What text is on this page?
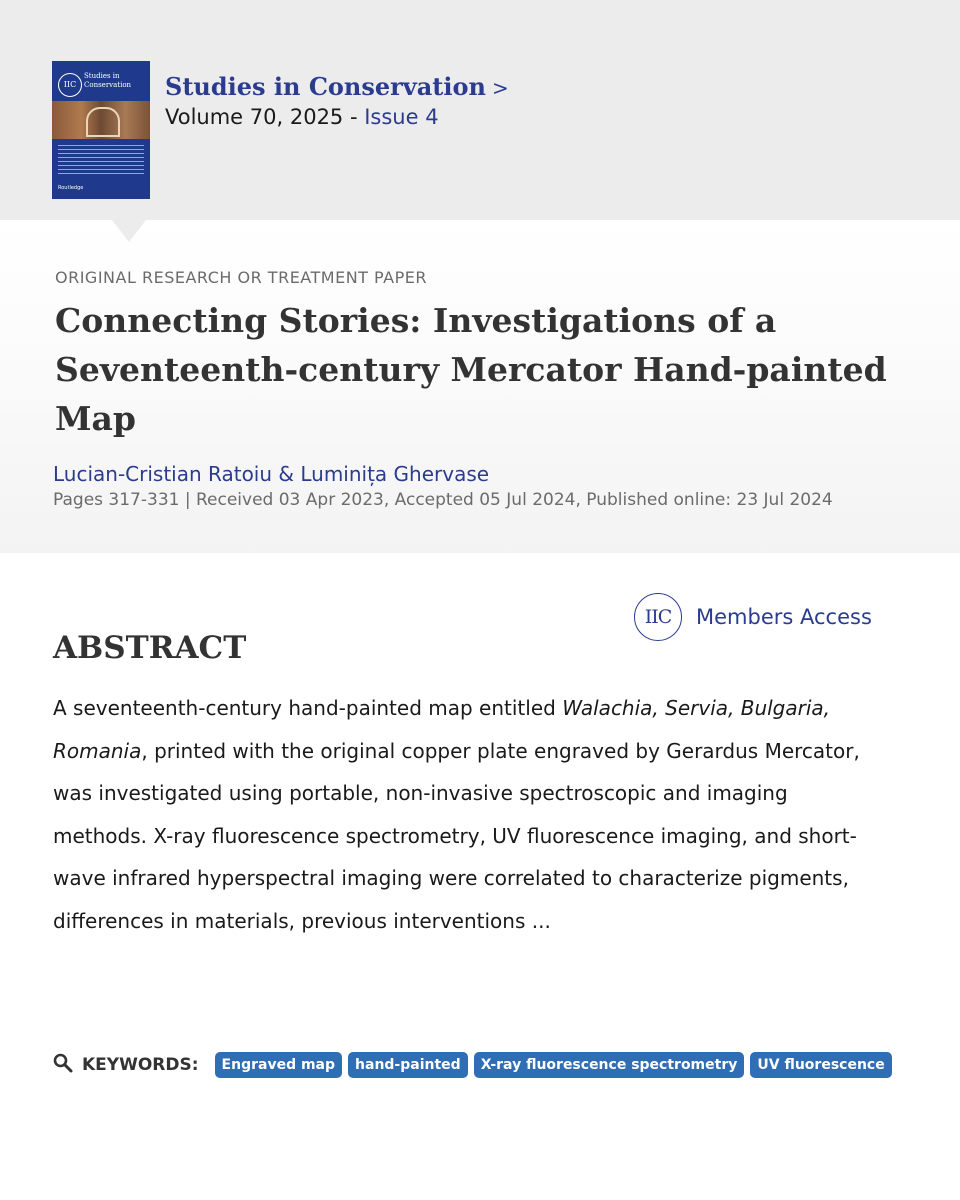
IIC
Studies in Conservation
Routledge
Studies in Conservation >
Volume 70, 2025 - Issue 4
ORIGINAL RESEARCH OR TREATMENT PAPER
Connecting Stories: Investigations of a Seventeenth-century Mercator Hand-painted Map
Lucian-Cristian Ratoiu & Luminița Ghervase
Pages 317-331 | Received 03 Apr 2023, Accepted 05 Jul 2024, Published online: 23 Jul 2024
IIC	Members Access
ABSTRACT

A seventeenth-century hand-painted map entitled Walachia, Servia, Bulgaria, Romania, printed with the original copper plate engraved by Gerardus Mercator, was investigated using portable, non-invasive spectroscopic and imaging methods. X-ray fluorescence spectrometry, UV fluorescence imaging, and short-wave infrared hyperspectral imaging were correlated to characterize pigments, differences in materials, previous interventions ...

KEYWORDS:	Engraved map	hand-painted	X-ray fluorescence spectrometry	UV fluorescence
